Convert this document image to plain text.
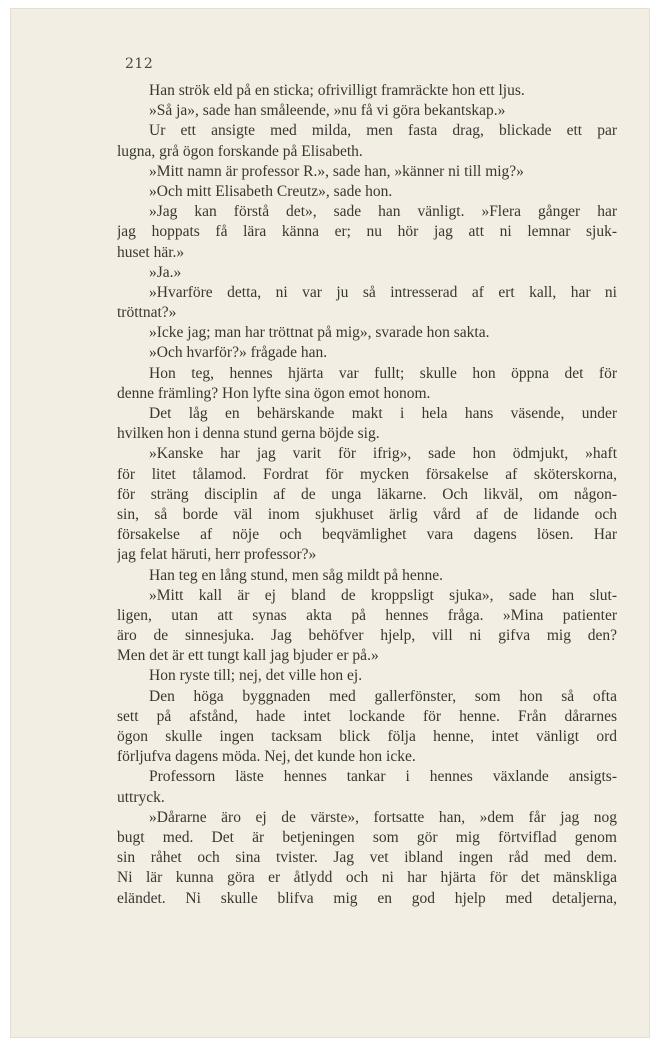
212
Han strök eld på en sticka; ofrivilligt framräckte hon ett ljus.
»Så ja», sade han småleende, »nu få vi göra bekantskap.»
Ur ett ansigte med milda, men fasta drag, blickade ett par
lugna, grå ögon forskande på Elisabeth.
»Mitt namn är professor R.», sade han, »känner ni till mig?»
»Och mitt Elisabeth Creutz», sade hon.
»Jag kan förstå det», sade han vänligt. »Flera gånger har
jag hoppats få lära känna er; nu hör jag att ni lemnar sjuk-
huset här.»
»Ja.»
»Hvarföre detta, ni var ju så intresserad af ert kall, har ni
tröttnat?»
»Icke jag; man har tröttnat på mig», svarade hon sakta.
»Och hvarför?» frågade han.
Hon teg, hennes hjärta var fullt; skulle hon öppna det för
denne främling? Hon lyfte sina ögon emot honom.
Det låg en behärskande makt i hela hans väsende, under
hvilken hon i denna stund gerna böjde sig.
»Kanske har jag varit för ifrig», sade hon ödmjukt, »haft
för litet tålamod. Fordrat för mycken försakelse af sköterskorna,
för sträng disciplin af de unga läkarne. Och likväl, om någon-
sin, så borde väl inom sjukhuset ärlig vård af de lidande och
försakelse af nöje och beqvämlighet vara dagens lösen. Har
jag felat häruti, herr professor?»
Han teg en lång stund, men såg mildt på henne.
»Mitt kall är ej bland de kroppsligt sjuka», sade han slut-
ligen, utan att synas akta på hennes fråga. »Mina patienter
äro de sinnesjuka. Jag behöfver hjelp, vill ni gifva mig den?
Men det är ett tungt kall jag bjuder er på.»
Hon ryste till; nej, det ville hon ej.
Den höga byggnaden med gallerfönster, som hon så ofta
sett på afstånd, hade intet lockande för henne. Från dårarnes
ögon skulle ingen tacksam blick följa henne, intet vänligt ord
förljufva dagens möda. Nej, det kunde hon icke.
Professorn läste hennes tankar i hennes växlande ansigts-
uttryck.
»Dårarne äro ej de värste», fortsatte han, »dem får jag nog
bugt med. Det är betjeningen som gör mig förtviflad genom
sin råhet och sina tvister. Jag vet ibland ingen råd med dem.
Ni lär kunna göra er åtlydd och ni har hjärta för det mänskliga
eländet. Ni skulle blifva mig en god hjelp med detaljerna,
